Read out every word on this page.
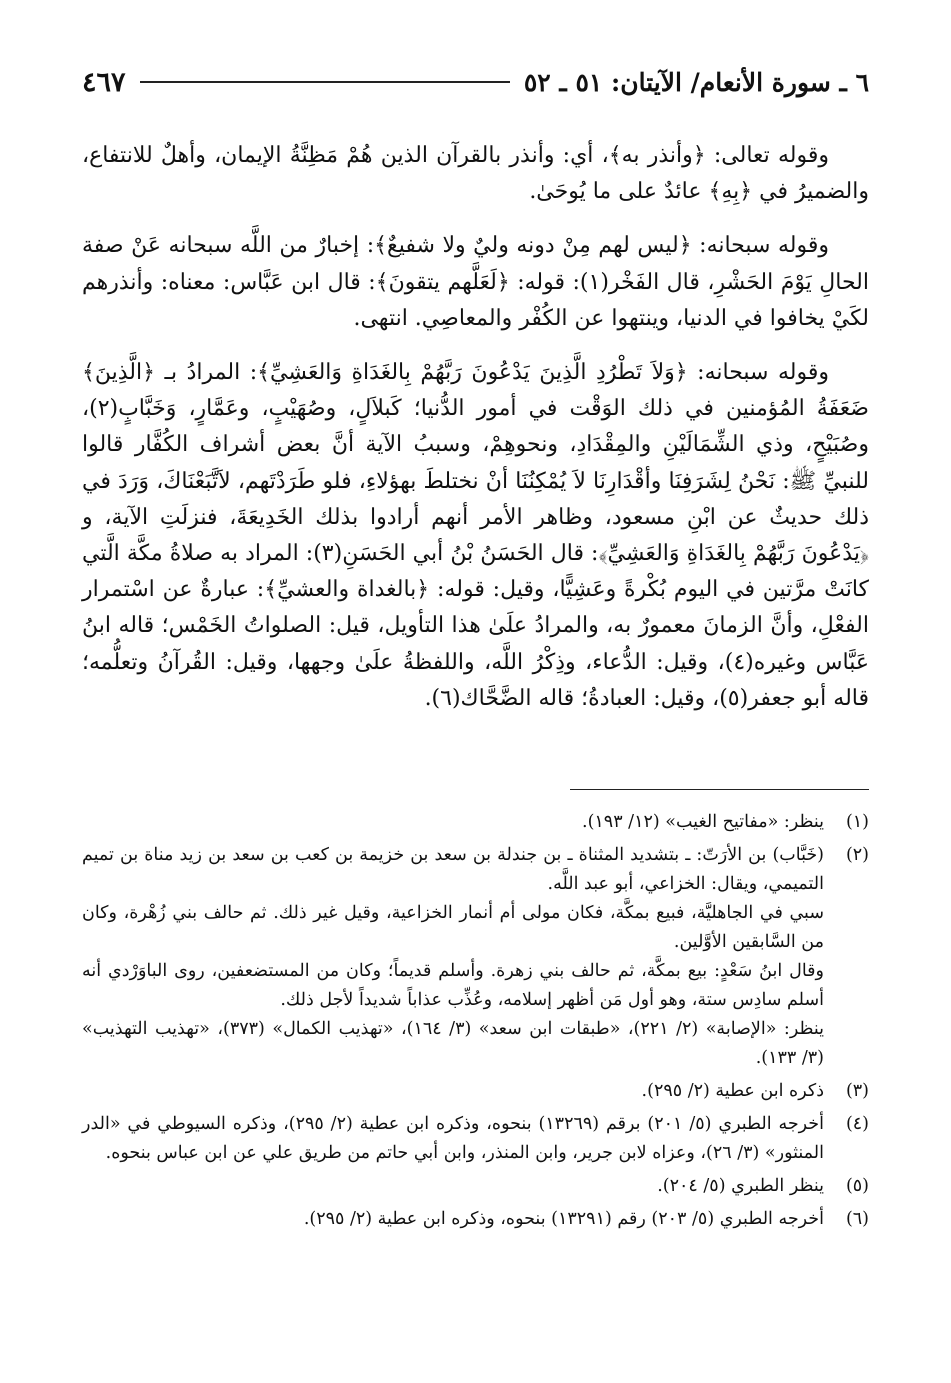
٦ ـ سورة الأنعام/ الآيتان: ٥١ ـ ٥٢
٤٦٧

وقوله تعالى: ﴿وأنذر به﴾، أي: وأنذر بالقرآن الذين هُمْ مَظِنَّةُ الإيمان، وأهلٌ للانتفاع، والضميرُ في ﴿بِهِ﴾ عائدٌ على ما يُوحَىٰ.

وقوله سبحانه: ﴿ليس لهم مِنْ دونه وليٌ ولا شفيعٌ﴾: إخبارٌ من اللَّه سبحانه عَنْ صفة الحالِ يَوْمَ الحَشْرِ، قال الفَخْر(١): قوله: ﴿لَعَلَّهم يتقونَ﴾: قال ابن عَبَّاس: معناه: وأنذرهم لكَيْ يخافوا في الدنيا، وينتهوا عن الكُفْر والمعاصِي. انتهى.

وقوله سبحانه: ﴿وَلاَ تَطْرُدِ الَّذِينَ يَدْعُونَ رَبَّهُمْ بِالغَدَاةِ وَالعَشِيِّ﴾: المرادُ بـ ﴿الَّذِينَ﴾ ضَعَفَةُ المُؤمنين في ذلك الوَقْت في أمور الدُّنيا؛ كَبلاَلٍ، وصُهَيْبٍ، وعَمَّارٍ، وَخَبَّابٍ(٢)، وصُبَيْحٍ، وذي الشِّمَالَيْنِ والمِقْدَادِ، ونحوهِمْ، وسببُ الآية أنَّ بعض أشراف الكُفَّار قالوا للنبيِّ ﷺ: نَحْنُ لِشَرَفِنَا وأقْدَارِنَا لاَ يُمْكِنُنَا أنْ نختلطَ بهؤلاءِ، فلو طَرَدْتَهم، لاَتَّبَعْنَاكَ، وَرَدَ في ذلك حديثٌ عن ابْنِ مسعود، وظاهر الأمر أنهم أرادوا بذلك الخَدِيعَةَ، فنزلَتِ الآية، و ﴿يَدْعُونَ رَبَّهُمْ بِالغَدَاةِ وَالعَشِيِّ﴾: قال الحَسَنُ بْنُ أبي الحَسَنِ(٣): المراد به صلاةُ مكَّة الَّتي كانَتْ مرَّتين في اليوم بُكْرةً وعَشِيًّا، وقيل: قوله: ﴿بالغداة والعشيِّ﴾: عبارةٌ عن اسْتمرار الفعْلِ، وأنَّ الزمانَ معمورٌ به، والمرادُ علَىٰ هذا التأويل، قيل: الصلواتُ الخَمْس؛ قاله ابنُ عَبَّاس وغيره(٤)، وقيل: الدُّعاء، وذِكْرُ اللَّه، واللفظةُ علَىٰ وجهها، وقيل: القُرآنُ وتعلُّمه؛ قاله أبو جعفر(٥)، وقيل: العبادةُ؛ قاله الضَّحَّاك(٦).

(١)
ينظر: «مفاتيح الغيب» (١٢/ ١٩٣).
(٢)
(خَبَّاب) بن الأرَتّ: ـ بتشديد المثناة ـ بن جندلة بن سعد بن خزيمة بن كعب بن سعد بن زيد مناة بن تميم التميمي، ويقال: الخزاعي، أبو عبد اللَّه.
سبي في الجاهليَّة، فبيع بمكَّة، فكان مولى أم أنمار الخزاعية، وقيل غير ذلك. ثم حالف بني زُهْرة، وكان من السَّابقين الأوَّلين.
وقال ابنُ سَعْدٍ: بيع بمكَّة، ثم حالف بني زهرة. وأسلم قديماً؛ وكان من المستضعفين، روى الباوَرْدي أنه أسلم سادِس ستة، وهو أول مَن أظهر إسلامه، وعُذِّب عذاباً شديداً لأجل ذلك.
ينظر: «الإصابة» (٢/ ٢٢١)، «طبقات ابن سعد» (٣/ ١٦٤)، «تهذيب الكمال» (٣٧٣)، «تهذيب التهذيب» (٣/ ١٣٣).
(٣)
ذكره ابن عطية (٢/ ٢٩٥).
(٤)
أخرجه الطبري (٥/ ٢٠١) برقم (١٣٢٦٩) بنحوه، وذكره ابن عطية (٢/ ٢٩٥)، وذكره السيوطي في «الدر المنثور» (٣/ ٢٦)، وعزاه لابن جرير، وابن المنذر، وابن أبي حاتم من طريق علي عن ابن عباس بنحوه.
(٥)
ينظر الطبري (٥/ ٢٠٤).
(٦)
أخرجه الطبري (٥/ ٢٠٣) رقم (١٣٢٩١) بنحوه، وذكره ابن عطية (٢/ ٢٩٥).
